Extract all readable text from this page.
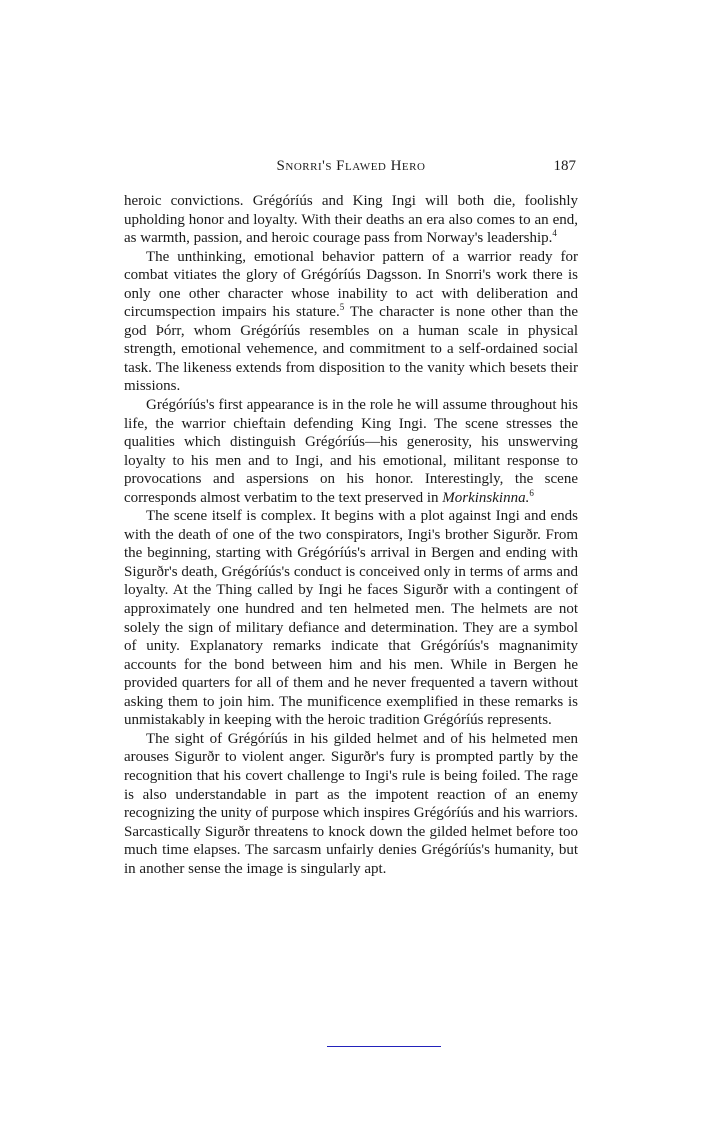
Snorri's Flawed Hero	187

heroic convictions. Grégóríús and King Ingi will both die, foolishly upholding honor and loyalty. With their deaths an era also comes to an end, as warmth, passion, and heroic courage pass from Norway's leadership.$^4$

The unthinking, emotional behavior pattern of a warrior ready for combat vitiates the glory of Grégóríús Dagsson. In Snorri's work there is only one other character whose inability to act with deliberation and circumspection impairs his stature.$^5$ The character is none other than the god Þórr, whom Grégóríús resembles on a human scale in physical strength, emotional vehemence, and commitment to a self-ordained social task. The likeness extends from disposition to the vanity which besets their missions.

Grégóríús's first appearance is in the role he will assume throughout his life, the warrior chieftain defending King Ingi. The scene stresses the qualities which distinguish Grégóríús—his generosity, his unswerving loyalty to his men and to Ingi, and his emotional, militant response to provocations and aspersions on his honor. Interestingly, the scene corresponds almost verbatim to the text preserved in Morkinskinna.$^6$

The scene itself is complex. It begins with a plot against Ingi and ends with the death of one of the two conspirators, Ingi's brother Sigurðr. From the beginning, starting with Grégóríús's arrival in Bergen and ending with Sigurðr's death, Grégóríús's conduct is conceived only in terms of arms and loyalty. At the Thing called by Ingi he faces Sigurðr with a contingent of approximately one hundred and ten helmeted men. The helmets are not solely the sign of military defiance and determination. They are a symbol of unity. Explanatory remarks indicate that Grégóríús's magnanimity accounts for the bond between him and his men. While in Bergen he provided quarters for all of them and he never frequented a tavern without asking them to join him. The munificence exemplified in these remarks is unmistakably in keeping with the heroic tradition Grégóríús represents.

The sight of Grégóríús in his gilded helmet and of his helmeted men arouses Sigurðr to violent anger. Sigurðr's fury is prompted partly by the recognition that his covert challenge to Ingi's rule is being foiled. The rage is also understandable in part as the impotent reaction of an enemy recognizing the unity of purpose which inspires Grégóríús and his warriors. Sarcastically Sigurðr threatens to knock down the gilded helmet before too much time elapses. The sarcasm unfairly denies Grégóríús's humanity, but in another sense the image is singularly apt.
